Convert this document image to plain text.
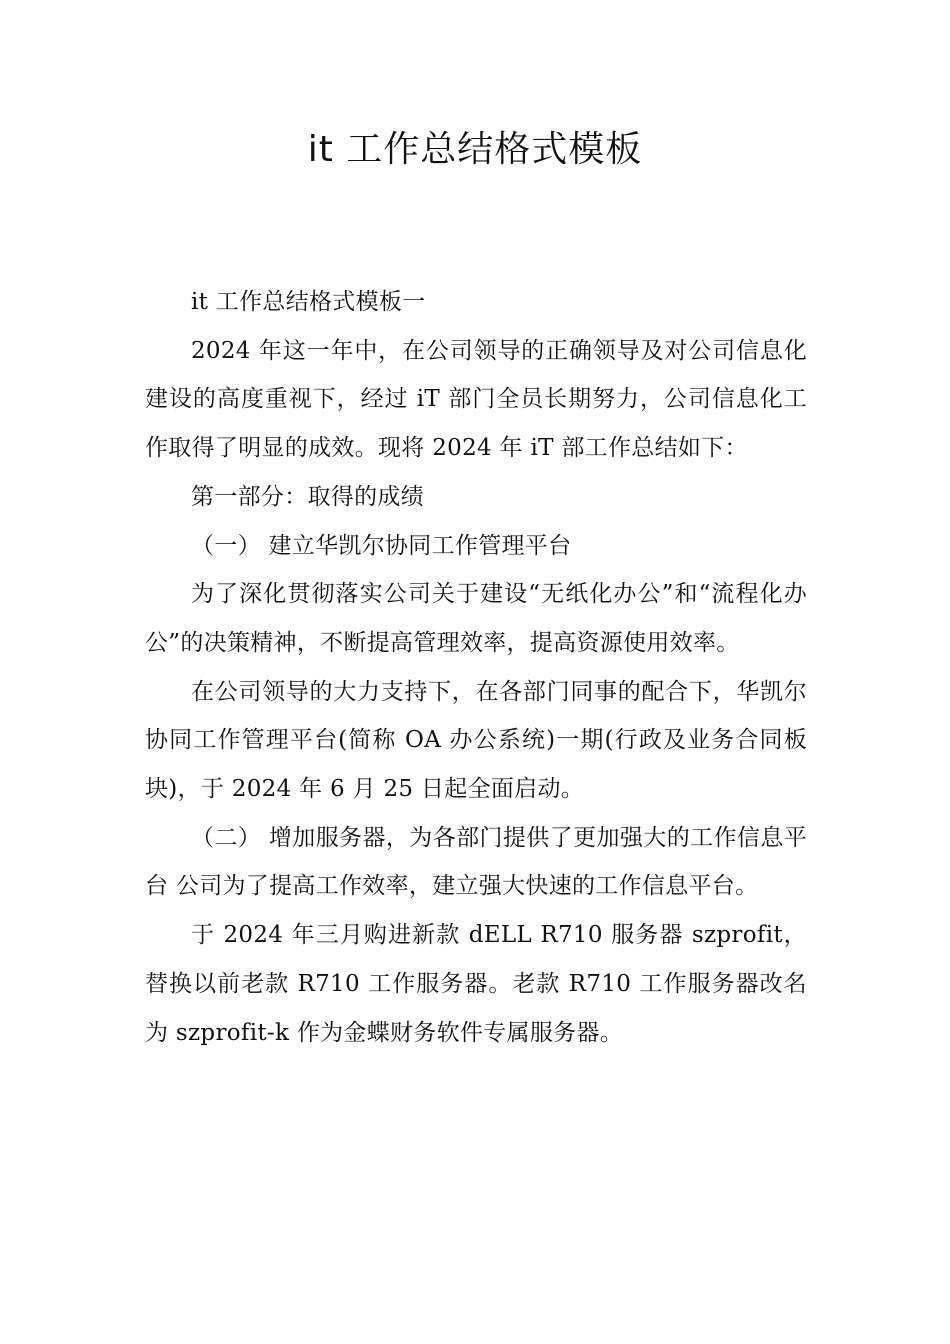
it 工作总结格式模板

it 工作总结格式模板一

2024 年这一年中，在公司领导的正确领导及对公司信息化建设的高度重视下，经过 iT 部门全员长期努力，公司信息化工作取得了明显的成效。现将 2024 年 iT 部工作总结如下：

第一部分：取得的成绩

（一） 建立华凯尔协同工作管理平台

为了深化贯彻落实公司关于建设“无纸化办公”和“流程化办公”的决策精神，不断提高管理效率，提高资源使用效率。

在公司领导的大力支持下，在各部门同事的配合下，华凯尔协同工作管理平台(简称 OA 办公系统)一期(行政及业务合同板块)，于 2024 年 6 月 25 日起全面启动。

（二） 增加服务器，为各部门提供了更加强大的工作信息平台 公司为了提高工作效率，建立强大快速的工作信息平台。

于 2024 年三月购进新款 dELL R710 服务器 szprofit，替换以前老款 R710 工作服务器。老款 R710 工作服务器改名为 szprofit-k 作为金蝶财务软件专属服务器。
